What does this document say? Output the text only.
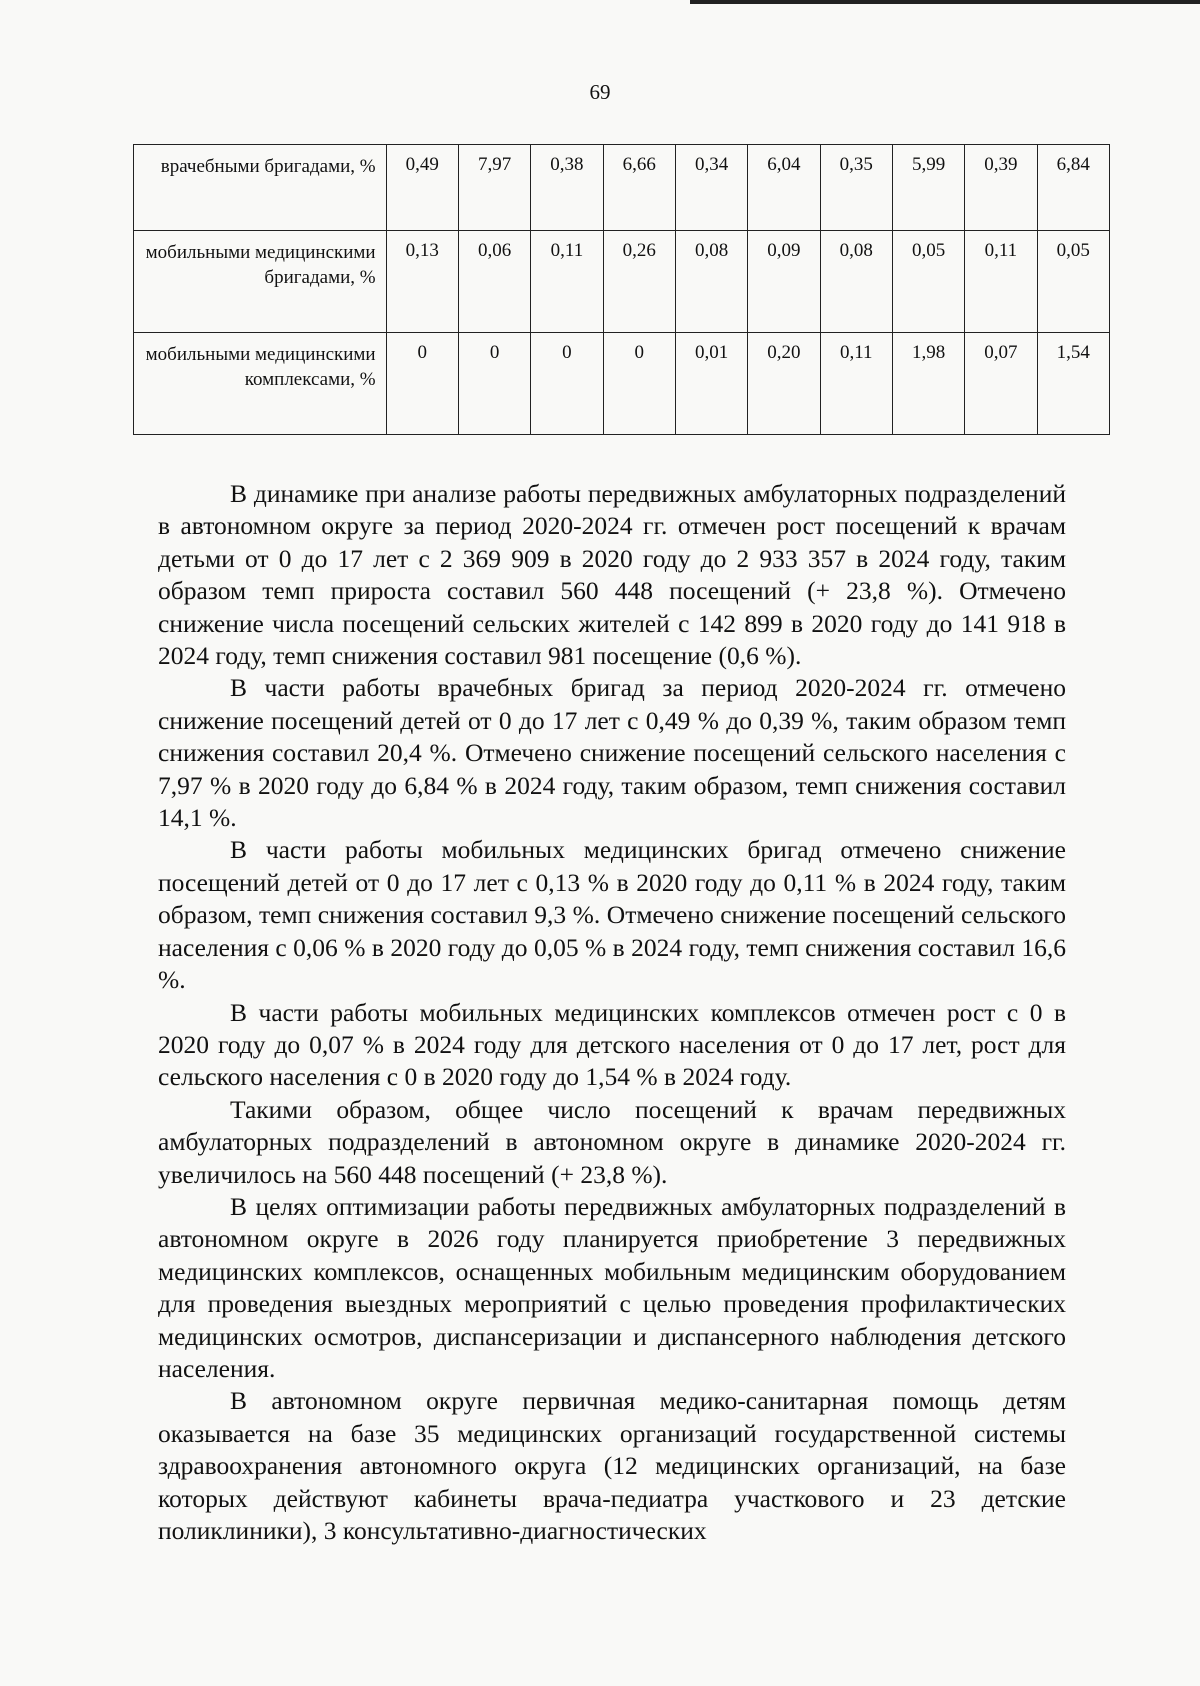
69
врачебными бригадами, %	0,49	7,97	0,38	6,66	0,34	6,04	0,35	5,99	0,39	6,84
мобильными медицинскими бригадами, %	0,13	0,06	0,11	0,26	0,08	0,09	0,08	0,05	0,11	0,05
мобильными медицинскими комплексами, %	0	0	0	0	0,01	0,20	0,11	1,98	0,07	1,54

В динамике при анализе работы передвижных амбулаторных подразделений в автономном округе за период 2020-2024 гг. отмечен рост посещений к врачам детьми от 0 до 17 лет с 2 369 909 в 2020 году до 2 933 357 в 2024 году, таким образом темп прироста составил 560 448 посещений (+ 23,8 %). Отмечено снижение числа посещений сельских жителей с 142 899 в 2020 году до 141 918 в 2024 году, темп снижения составил 981 посещение (0,6 %).

В части работы врачебных бригад за период 2020-2024 гг. отмечено снижение посещений детей от 0 до 17 лет с 0,49 % до 0,39 %, таким образом темп снижения составил 20,4 %. Отмечено снижение посещений сельского населения с 7,97 % в 2020 году до 6,84 % в 2024 году, таким образом, темп снижения составил 14,1 %.

В части работы мобильных медицинских бригад отмечено снижение посещений детей от 0 до 17 лет с 0,13 % в 2020 году до 0,11 % в 2024 году, таким образом, темп снижения составил 9,3 %. Отмечено снижение посещений сельского населения с 0,06 % в 2020 году до 0,05 % в 2024 году, темп снижения составил 16,6 %.

В части работы мобильных медицинских комплексов отмечен рост с 0 в 2020 году до 0,07 % в 2024 году для детского населения от 0 до 17 лет, рост для сельского населения с 0 в 2020 году до 1,54 % в 2024 году.

Такими образом, общее число посещений к врачам передвижных амбулаторных подразделений в автономном округе в динамике 2020-2024 гг. увеличилось на 560 448 посещений (+ 23,8 %).

В целях оптимизации работы передвижных амбулаторных подразделений в автономном округе в 2026 году планируется приобретение 3 передвижных медицинских комплексов, оснащенных мобильным медицинским оборудованием для проведения выездных мероприятий с целью проведения профилактических медицинских осмотров, диспансеризации и диспансерного наблюдения детского населения.

В автономном округе первичная медико-санитарная помощь детям оказывается на базе 35 медицинских организаций государственной системы здравоохранения автономного округа (12 медицинских организаций, на базе которых действуют кабинеты врача-педиатра участкового и 23 детские поликлиники), 3 консультативно-диагностических
